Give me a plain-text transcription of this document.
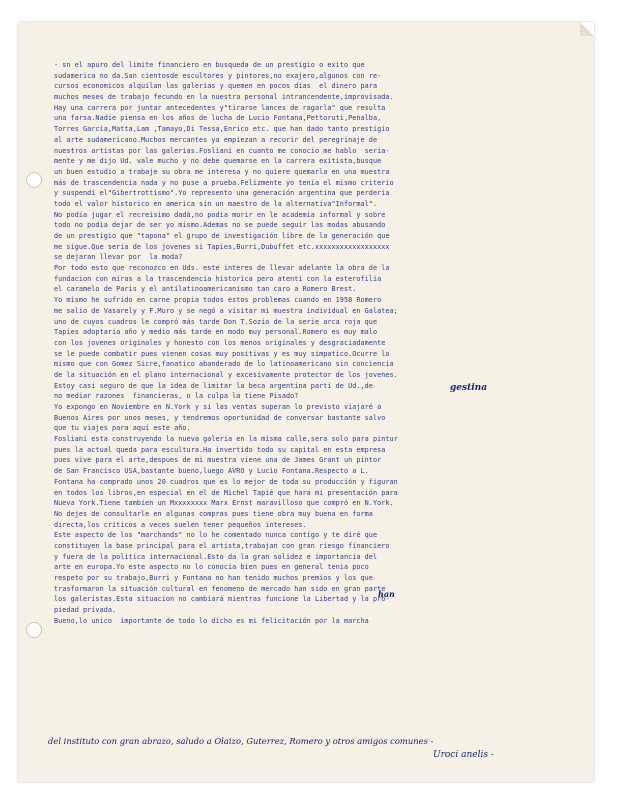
- sn el apuro del limite financiero en busqueda de un prestigio o exito que
sudamerica no da.San cientosde escultores y pintores,no exajero,algunos con re-
cursos economicos alquilan las galerias y quemen en pocos dias  el dinero para
muchos meses de trabajo fecundo en la nuestra personal intrancendente,improvisada.
Hay una carrera por juntar antecedentes y"tirarse lances de ragarla" que resulta
una farsa.Nadie piensa en los años de lucha de Lucio Fontana,Pettoruti,Penalba,
Torres Garcia,Matta,Lam ,Tamayo,Di Tessa,Enrico etc. que han dado tanto prestigio
al arte sudamericano.Muchos mercantes ya empiezan a recurir del peregrinaje de
nuestros artistas por las galerias.Fosliani en cuanto me conocio me hablo  seria-
mente y me dijo Ud. vale mucho y no debe quemarse en la carrera exitista,busque
un buen estudio a trabaje su obra me interesa y no quiere quemarla en una muestra
más de trascendencia nada y no puse a prueba.Felizmente yo tenia el mismo criterio
y suspendi el"Gibertrottismo".Yo represento una generación argentina que perderia
todo el valor historico en america sin un maestro de la alternativa"Informal".
No podia jugar el recreisimo dadà,no podia morir en le academia informal y sobre
todo no podia dejar de ser yo mismo.Ademas no se puede seguir las modas abusando
de un prestigio que "tapona" el grupo de investigación libre de la generación que
me sigue.Que seria de los jovenes si Tapies,Burri,Dubuffet etc.xxxxxxxxxxxxxxxxxx
se dejaran llevar por  la moda?
Por todo esto que reconozco en Uds. este interes de llevar adelante la obra de la
fundacion con miras a la trascendencia historica pero atenti con la esterofilia
el caramelo de Paris y el antilatinoamericanismo tan caro a Romero Brest.
Yo mismo he sufrido en carne propia todos estos problemas cuando en 1958 Romero
me salio de Vasarely y F.Muro y se negó a visitar mi muestra individual en Galatea;
uno de cuyos cuadros le compró más tarde Don T.Sozio de la serie arca roja que
Tapies adoptaria año y medio más tarde en modo muy personal.Romero es muy malo
con los jovenes originales y honesto con los menos originales y desgraciadamente
se le puede combatir pues vienen cosas muy positivas y es muy simpatico.Ocurre lo
mismo que con Gomez Sicre,fanatico abanderado de lo latinoamericano sin conciencia
de la situación en el plano internacional y excesivamente protector de los jovenes.
Estoy casi seguro de que la idea de limitar la beca argentina parti de Ud.,de
no mediar razones  financieras, o la culpa la tiene Pisado?
Yo expongo en Noviembre en N.York y si las ventas superan lo previsto viajaré a
Buenos Aires por unos meses, y tendremos oportunidad de conversar bastante salvo
que tu viajes para aquí este año.
Fosliani esta construyendo la nueva galeria en la misma calle,sera solo para pintur
pues la actual queda para escultura.Ha invertido todo su capital en esta empresa
pues vive para el arte,despues de mi muestra viene una de James Grant un pintor
de San Francisco USA,bastante bueno,luego AVRO y Lucio Fontana.Respecto a L.
Fontana ha comprado unos 20 cuadros que es lo mejor de toda su producción y figuran
en todos los libros,en especial en el de Michel Tapié que hara mi presentación para
Nueva York.Tiene tambien un Mxxxxxxxx Marx Ernst maravilloso que compró en N.York.
No dejes de consultarle en algunas compras pues tiene obra muy buena en forma
directa,los criticos a veces suelen tener pequeños intereses.
Este aspecto de los "marchands" no lo he comentado nunca contigo y te diré que
constituyen la base principal para el artista,trabajan con gran riesgo financiero
y fuera de la politica internacional.Esto da la gran solidez e importancia del
arte en europa.Yo este aspecto no lo conocia bien pues en general tenia poco
respeto por su trabajo,Burri y Fontana no han tenido muchos premios y los que
trasformaron la situación cultural en fenomeno de mercado han sido en gran parte
los galeristas.Esta situacion no cambiará mientras funcione la Libertad y la pro-
piedad privada.
Bueno,lo unico  importante de todo lo dicho es mi felicitación por la marcha
gestina
han
del instituto con gran abrazo, saludo a Olaizo, Guterrez, Romero y otros amigos comunes -
Uroci anelis -
